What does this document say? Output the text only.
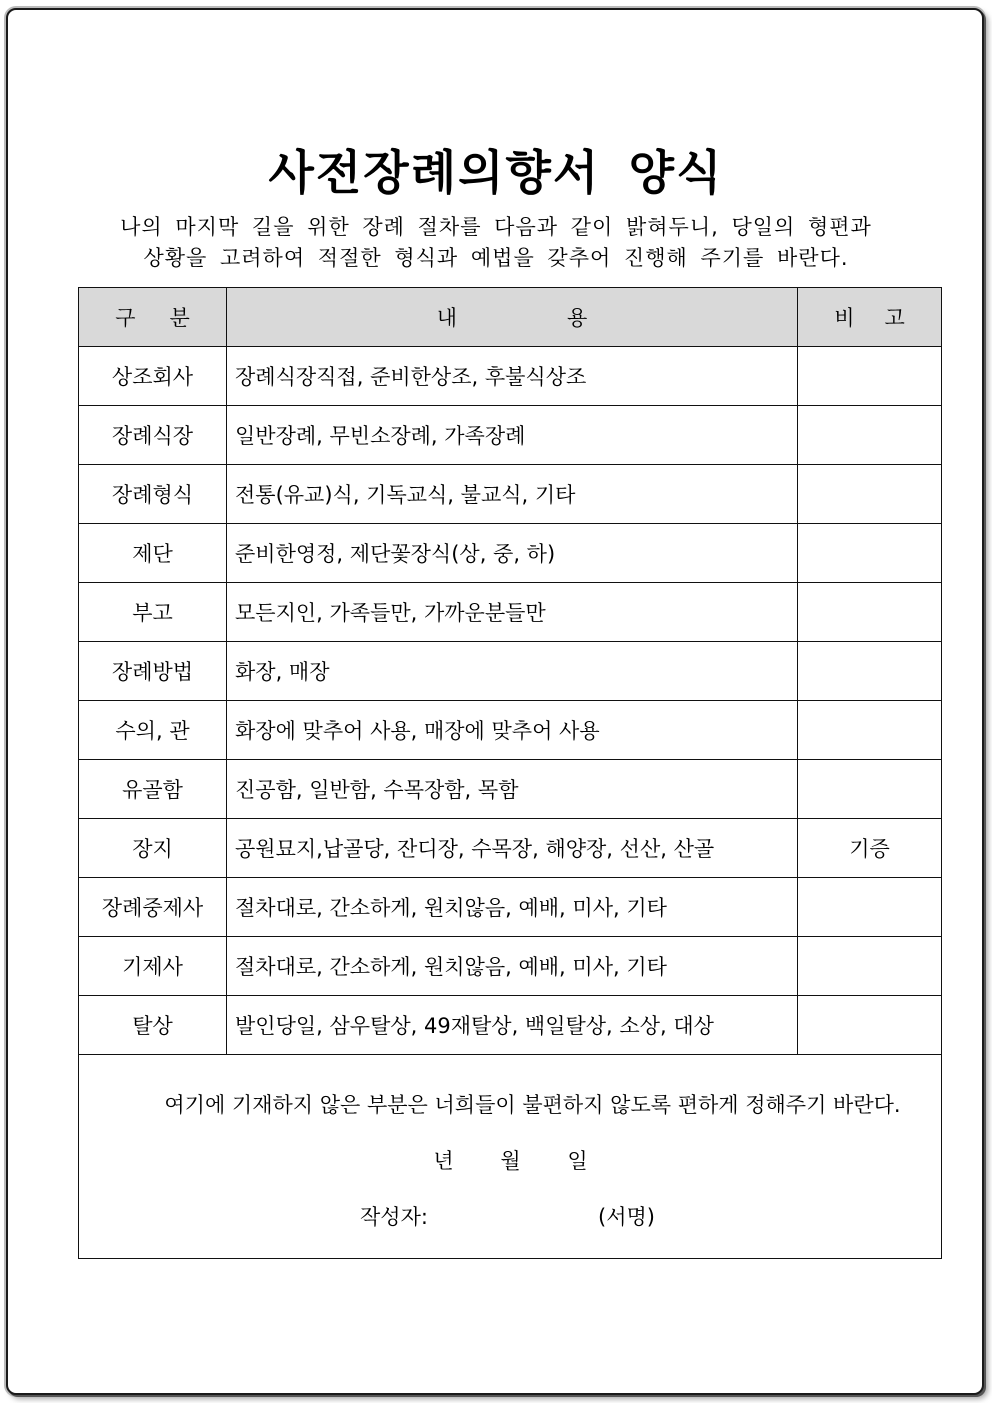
사전장례의향서 양식
나의 마지막 길을 위한 장례 절차를 다음과 같이 밝혀두니, 당일의 형편과
상황을 고려하여 적절한 형식과 예법을 갖추어 진행해 주기를 바란다.
구분	내용	비고
상조회사	장례식장직접, 준비한상조, 후불식상조	
장례식장	일반장례, 무빈소장례, 가족장례	
장례형식	전통(유교)식, 기독교식, 불교식, 기타	
제단	준비한영정, 제단꽃장식(상, 중, 하)	
부고	모든지인, 가족들만, 가까운분들만	
장례방법	화장, 매장	
수의, 관	화장에 맞추어 사용, 매장에 맞추어 사용	
유골함	진공함, 일반함, 수목장함, 목함	
장지	공원묘지,납골당, 잔디장, 수목장, 해양장, 선산, 산골	기증
장례중제사	절차대로, 간소하게, 원치않음, 예배, 미사, 기타	
기제사	절차대로, 간소하게, 원치않음, 예배, 미사, 기타	
탈상	발인당일, 삼우탈상, 49재탈상, 백일탈상, 소상, 대상	

여기에 기재하지 않은 부분은 너희들이 불편하지 않도록 편하게 정해주기 바란다.
년 월 일
작성자: (서명)		
